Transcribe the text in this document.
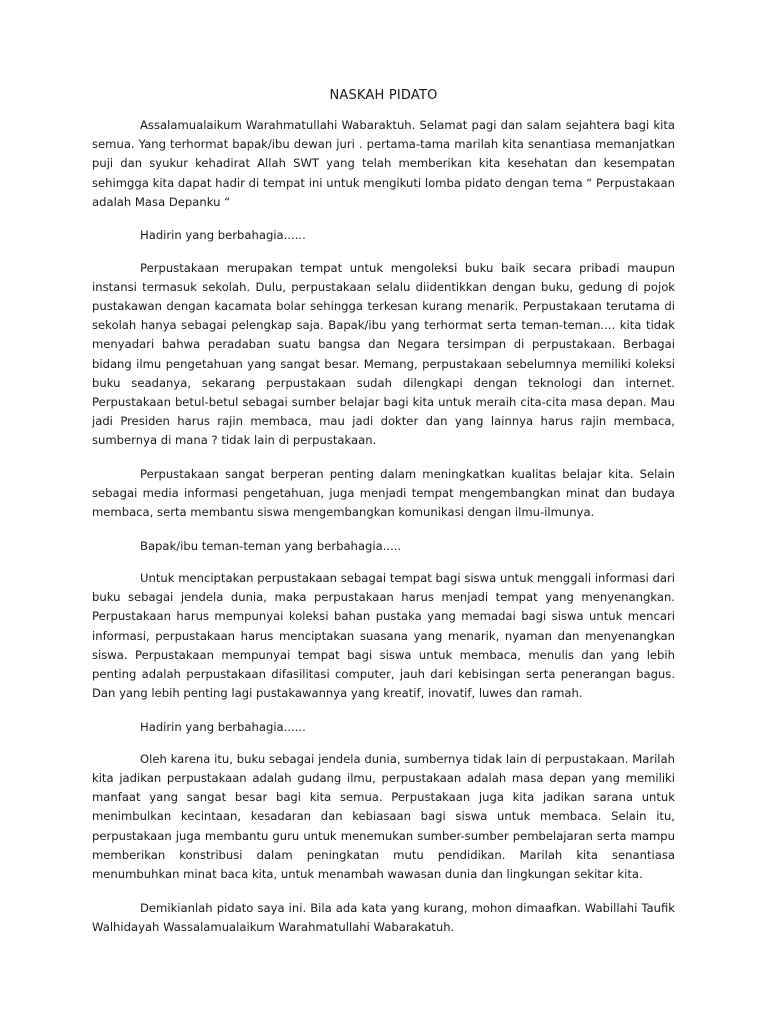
NASKAH PIDATO

Assalamualaikum Warahmatullahi Wabaraktuh. Selamat pagi dan salam sejahtera bagi kita semua. Yang terhormat bapak/ibu dewan juri . pertama-tama marilah kita senantiasa memanjatkan puji dan syukur kehadirat Allah SWT yang telah memberikan kita kesehatan dan kesempatan sehimgga kita dapat hadir di tempat ini untuk mengikuti lomba pidato dengan tema “ Perpustakaan adalah Masa Depanku “

Hadirin yang berbahagia......

Perpustakaan merupakan tempat untuk mengoleksi buku baik secara pribadi maupun instansi termasuk sekolah. Dulu, perpustakaan selalu diidentikkan dengan buku, gedung di pojok pustakawan dengan kacamata bolar sehingga terkesan kurang menarik. Perpustakaan terutama di sekolah hanya sebagai pelengkap saja. Bapak/ibu yang terhormat serta teman-teman.... kita tidak menyadari bahwa peradaban suatu bangsa dan Negara tersimpan di perpustakaan. Berbagai bidang ilmu pengetahuan yang sangat besar. Memang, perpustakaan sebelumnya memiliki koleksi buku seadanya, sekarang perpustakaan sudah dilengkapi dengan teknologi dan internet. Perpustakaan betul-betul sebagai sumber belajar bagi kita untuk meraih cita-cita masa depan. Mau jadi Presiden harus rajin membaca, mau jadi dokter dan yang lainnya harus rajin membaca, sumbernya di mana ? tidak lain di perpustakaan.

Perpustakaan sangat berperan penting dalam meningkatkan kualitas belajar kita. Selain sebagai media informasi pengetahuan, juga menjadi tempat mengembangkan minat dan budaya membaca, serta membantu siswa mengembangkan komunikasi dengan ilmu-ilmunya.

Bapak/ibu teman-teman yang berbahagia.....

Untuk menciptakan perpustakaan sebagai tempat bagi siswa untuk menggali informasi dari buku sebagai jendela dunia, maka perpustakaan harus menjadi tempat yang menyenangkan. Perpustakaan harus mempunyai koleksi bahan pustaka yang memadai bagi siswa untuk mencari informasi, perpustakaan harus menciptakan suasana yang menarik, nyaman dan menyenangkan siswa. Perpustakaan mempunyai tempat bagi siswa untuk membaca, menulis dan yang lebih penting adalah perpustakaan difasilitasi computer, jauh dari kebisingan serta penerangan bagus. Dan yang lebih penting lagi pustakawannya yang kreatif, inovatif, luwes dan ramah.

Hadirin yang berbahagia......

Oleh karena itu, buku sebagai jendela dunia, sumbernya tidak lain di perpustakaan. Marilah kita jadikan perpustakaan adalah gudang ilmu, perpustakaan adalah masa depan yang memiliki manfaat yang sangat besar bagi kita semua. Perpustakaan juga kita jadikan sarana untuk menimbulkan kecintaan, kesadaran dan kebiasaan bagi siswa untuk membaca. Selain itu, perpustakaan juga membantu guru untuk menemukan sumber-sumber pembelajaran serta mampu memberikan konstribusi dalam peningkatan mutu pendidikan. Marilah kita senantiasa menumbuhkan minat baca kita, untuk menambah wawasan dunia dan lingkungan sekitar kita.

Demikianlah pidato saya ini. Bila ada kata yang kurang, mohon dimaafkan. Wabillahi Taufik Walhidayah Wassalamualaikum Warahmatullahi Wabarakatuh.
